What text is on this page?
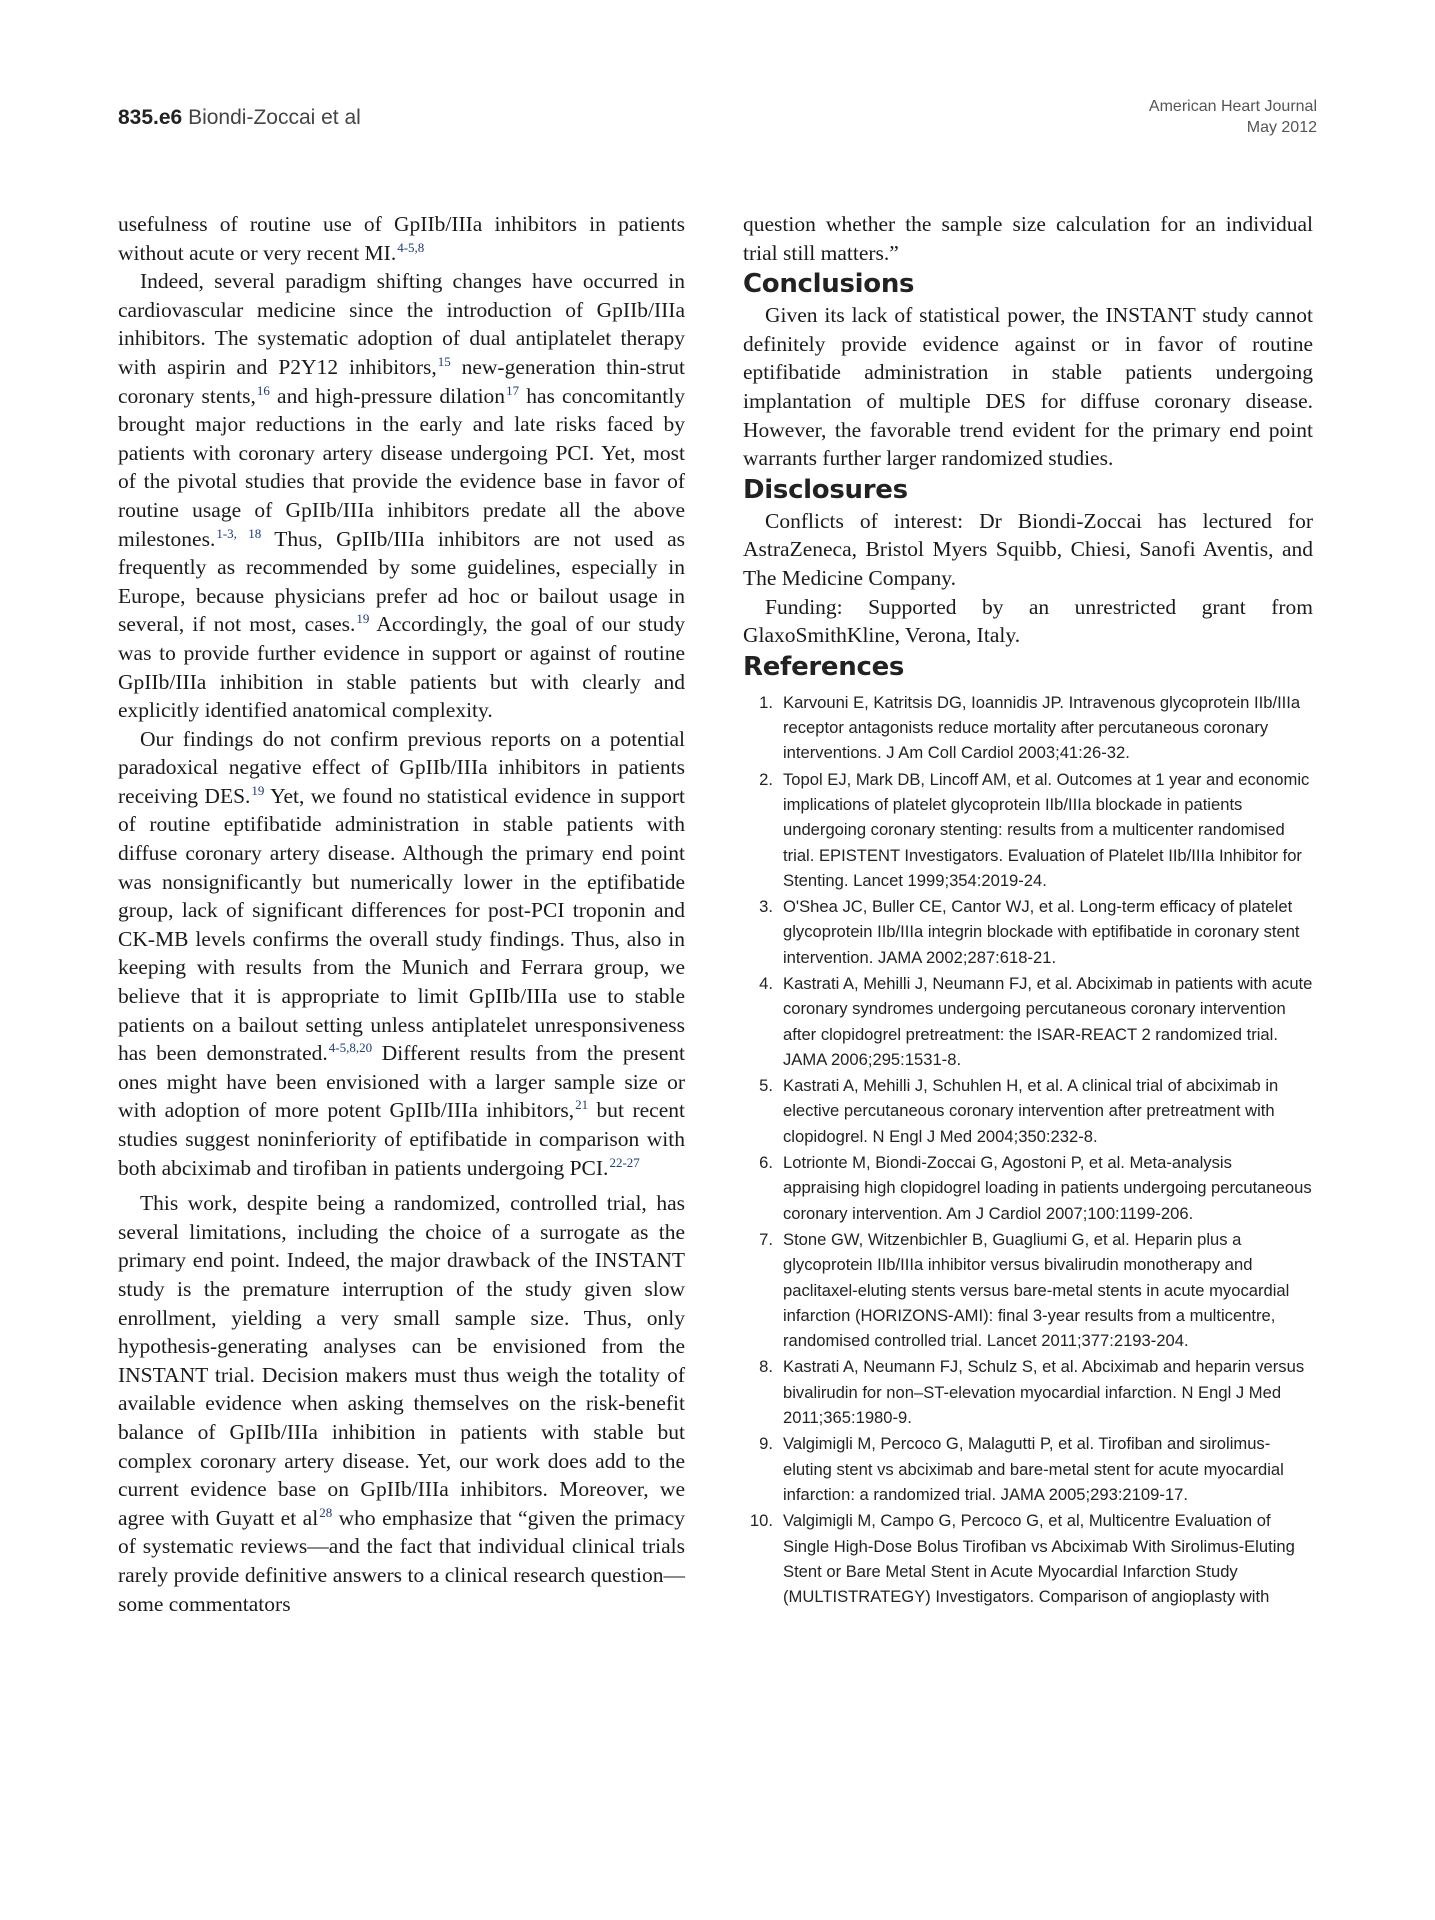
835.e6 Biondi-Zoccai et al	American Heart Journal
May 2012

usefulness of routine use of GpIIb/IIIa inhibitors in patients without acute or very recent MI.$^{4-5,8}$

Indeed, several paradigm shifting changes have occurred in cardiovascular medicine since the introduction of GpIIb/IIIa inhibitors. The systematic adoption of dual antiplatelet therapy with aspirin and P2Y12 inhibitors,$^{15}$ new-generation thin-strut coronary stents,$^{16}$ and high-pressure dilation$^{17}$ has concomitantly brought major reductions in the early and late risks faced by patients with coronary artery disease undergoing PCI. Yet, most of the pivotal studies that provide the evidence base in favor of routine usage of GpIIb/IIIa inhibitors predate all the above milestones.$^{1-3, 18}$ Thus, GpIIb/IIIa inhibitors are not used as frequently as recommended by some guidelines, especially in Europe, because physicians prefer ad hoc or bailout usage in several, if not most, cases.$^{19}$ Accordingly, the goal of our study was to provide further evidence in support or against of routine GpIIb/IIIa inhibition in stable patients but with clearly and explicitly identified anatomical complexity.

Our findings do not confirm previous reports on a potential paradoxical negative effect of GpIIb/IIIa inhibitors in patients receiving DES.$^{19}$ Yet, we found no statistical evidence in support of routine eptifibatide administration in stable patients with diffuse coronary artery disease. Although the primary end point was nonsignificantly but numerically lower in the eptifibatide group, lack of significant differences for post-PCI troponin and CK-MB levels confirms the overall study findings. Thus, also in keeping with results from the Munich and Ferrara group, we believe that it is appropriate to limit GpIIb/IIIa use to stable patients on a bailout setting unless antiplatelet unresponsiveness has been demonstrated.$^{4-5,8,20}$ Different results from the present ones might have been envisioned with a larger sample size or with adoption of more potent GpIIb/IIIa inhibitors,$^{21}$ but recent studies suggest noninferiority of eptifibatide in comparison with both abciximab and tirofiban in patients undergoing PCI.$^{22-27}$

This work, despite being a randomized, controlled trial, has several limitations, including the choice of a surrogate as the primary end point. Indeed, the major drawback of the INSTANT study is the premature interruption of the study given slow enrollment, yielding a very small sample size. Thus, only hypothesis-generating analyses can be envisioned from the INSTANT trial. Decision makers must thus weigh the totality of available evidence when asking themselves on the risk-benefit balance of GpIIb/IIIa inhibition in patients with stable but complex coronary artery disease. Yet, our work does add to the current evidence base on GpIIb/IIIa inhibitors. Moreover, we agree with Guyatt et al$^{28}$ who emphasize that “given the primacy of systematic reviews—and the fact that individual clinical trials rarely provide definitive answers to a clinical research question—some commentators

question whether the sample size calculation for an individual trial still matters.”

Conclusions

Given its lack of statistical power, the INSTANT study cannot definitely provide evidence against or in favor of routine eptifibatide administration in stable patients undergoing implantation of multiple DES for diffuse coronary disease. However, the favorable trend evident for the primary end point warrants further larger randomized studies.

Disclosures

Conflicts of interest: Dr Biondi-Zoccai has lectured for AstraZeneca, Bristol Myers Squibb, Chiesi, Sanofi Aventis, and The Medicine Company.

Funding: Supported by an unrestricted grant from GlaxoSmithKline, Verona, Italy.

References
1. Karvouni E, Katritsis DG, Ioannidis JP. Intravenous glycoprotein IIb/IIIa receptor antagonists reduce mortality after percutaneous coronary interventions. J Am Coll Cardiol 2003;41:26-32.
2. Topol EJ, Mark DB, Lincoff AM, et al. Outcomes at 1 year and economic implications of platelet glycoprotein IIb/IIIa blockade in patients undergoing coronary stenting: results from a multicenter randomised trial. EPISTENT Investigators. Evaluation of Platelet IIb/IIIa Inhibitor for Stenting. Lancet 1999;354:2019-24.
3. O'Shea JC, Buller CE, Cantor WJ, et al. Long-term efficacy of platelet glycoprotein IIb/IIIa integrin blockade with eptifibatide in coronary stent intervention. JAMA 2002;287:618-21.
4. Kastrati A, Mehilli J, Neumann FJ, et al. Abciximab in patients with acute coronary syndromes undergoing percutaneous coronary intervention after clopidogrel pretreatment: the ISAR-REACT 2 randomized trial. JAMA 2006;295:1531-8.
5. Kastrati A, Mehilli J, Schuhlen H, et al. A clinical trial of abciximab in elective percutaneous coronary intervention after pretreatment with clopidogrel. N Engl J Med 2004;350:232-8.
6. Lotrionte M, Biondi-Zoccai G, Agostoni P, et al. Meta-analysis appraising high clopidogrel loading in patients undergoing percutaneous coronary intervention. Am J Cardiol 2007;100:1199-206.
7. Stone GW, Witzenbichler B, Guagliumi G, et al. Heparin plus a glycoprotein IIb/IIIa inhibitor versus bivalirudin monotherapy and paclitaxel-eluting stents versus bare-metal stents in acute myocardial infarction (HORIZONS-AMI): final 3-year results from a multicentre, randomised controlled trial. Lancet 2011;377:2193-204.
8. Kastrati A, Neumann FJ, Schulz S, et al. Abciximab and heparin versus bivalirudin for non–ST-elevation myocardial infarction. N Engl J Med 2011;365:1980-9.
9. Valgimigli M, Percoco G, Malagutti P, et al. Tirofiban and sirolimus-eluting stent vs abciximab and bare-metal stent for acute myocardial infarction: a randomized trial. JAMA 2005;293:2109-17.
10. Valgimigli M, Campo G, Percoco G, et al, Multicentre Evaluation of Single High-Dose Bolus Tirofiban vs Abciximab With Sirolimus-Eluting Stent or Bare Metal Stent in Acute Myocardial Infarction Study (MULTISTRATEGY) Investigators. Comparison of angioplasty with
